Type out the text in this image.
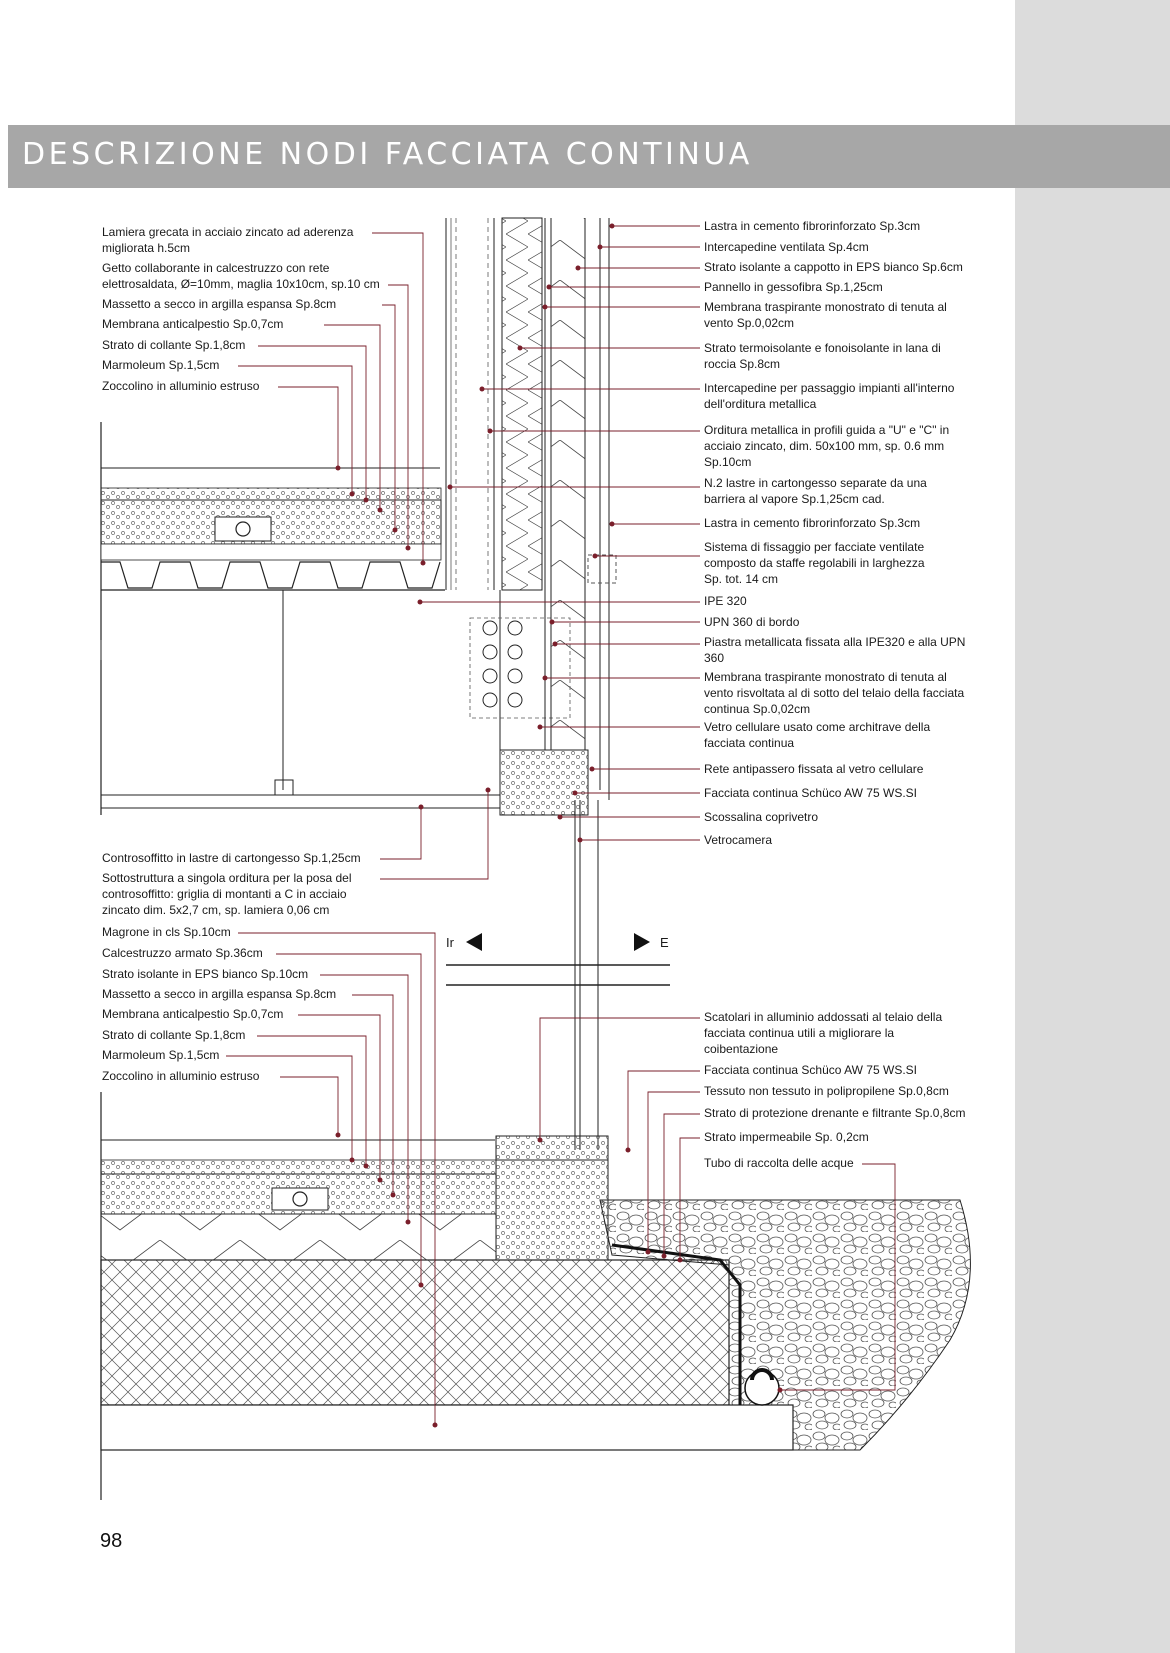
DESCRIZIONE NODI FACCIATA CONTINUA
Ir	E
Lamiera grecata in acciaio zincato ad aderenza
migliorata h.5cm
Getto collaborante in calcestruzzo con rete
elettrosaldata, Ø=10mm, maglia 10x10cm, sp.10 cm
Massetto a secco in argilla espansa Sp.8cm
Membrana anticalpestio Sp.0,7cm
Strato di collante Sp.1,8cm
Marmoleum Sp.1,5cm
Zoccolino in alluminio estruso
Controsoffitto in lastre di cartongesso Sp.1,25cm
Sottostruttura a singola orditura per la posa del
controsoffitto: griglia di montanti a C in acciaio
zincato dim. 5x2,7 cm, sp. lamiera 0,06 cm
Magrone in cls Sp.10cm
Calcestruzzo armato Sp.36cm
Strato isolante in EPS bianco Sp.10cm
Massetto a secco in argilla espansa Sp.8cm
Membrana anticalpestio Sp.0,7cm
Strato di collante Sp.1,8cm
Marmoleum Sp.1,5cm
Zoccolino in alluminio estruso
Lastra in cemento fibrorinforzato Sp.3cm
Intercapedine ventilata Sp.4cm
Strato isolante a cappotto in EPS bianco Sp.6cm
Pannello in gessofibra Sp.1,25cm
Membrana traspirante monostrato di tenuta al
vento Sp.0,02cm
Strato termoisolante e fonoisolante in lana di
roccia Sp.8cm
Intercapedine per passaggio impianti all'interno
dell'orditura metallica
Orditura metallica in profili guida a "U" e "C" in
acciaio zincato, dim. 50x100 mm, sp. 0.6 mm
Sp.10cm
N.2 lastre in cartongesso separate da una
barriera al vapore Sp.1,25cm cad.
Lastra in cemento fibrorinforzato Sp.3cm
Sistema di fissaggio per facciate ventilate
composto da staffe regolabili in larghezza
Sp. tot. 14 cm
IPE 320
UPN 360 di bordo
Piastra metallicata fissata alla IPE320 e alla UPN
360
Membrana traspirante monostrato di tenuta al
vento risvoltata al di sotto del telaio della facciata
continua Sp.0,02cm
Vetro cellulare usato come architrave della
facciata continua
Rete antipassero fissata al vetro cellulare
Facciata continua Schüco AW 75 WS.SI
Scossalina coprivetro
Vetrocamera
Scatolari in alluminio addossati al telaio della
facciata continua utili a migliorare la
coibentazione
Facciata continua Schüco AW 75 WS.SI
Tessuto non tessuto in polipropilene Sp.0,8cm
Strato di protezione drenante e filtrante Sp.0,8cm
Strato impermeabile Sp. 0,2cm
Tubo di raccolta delle acque
98
